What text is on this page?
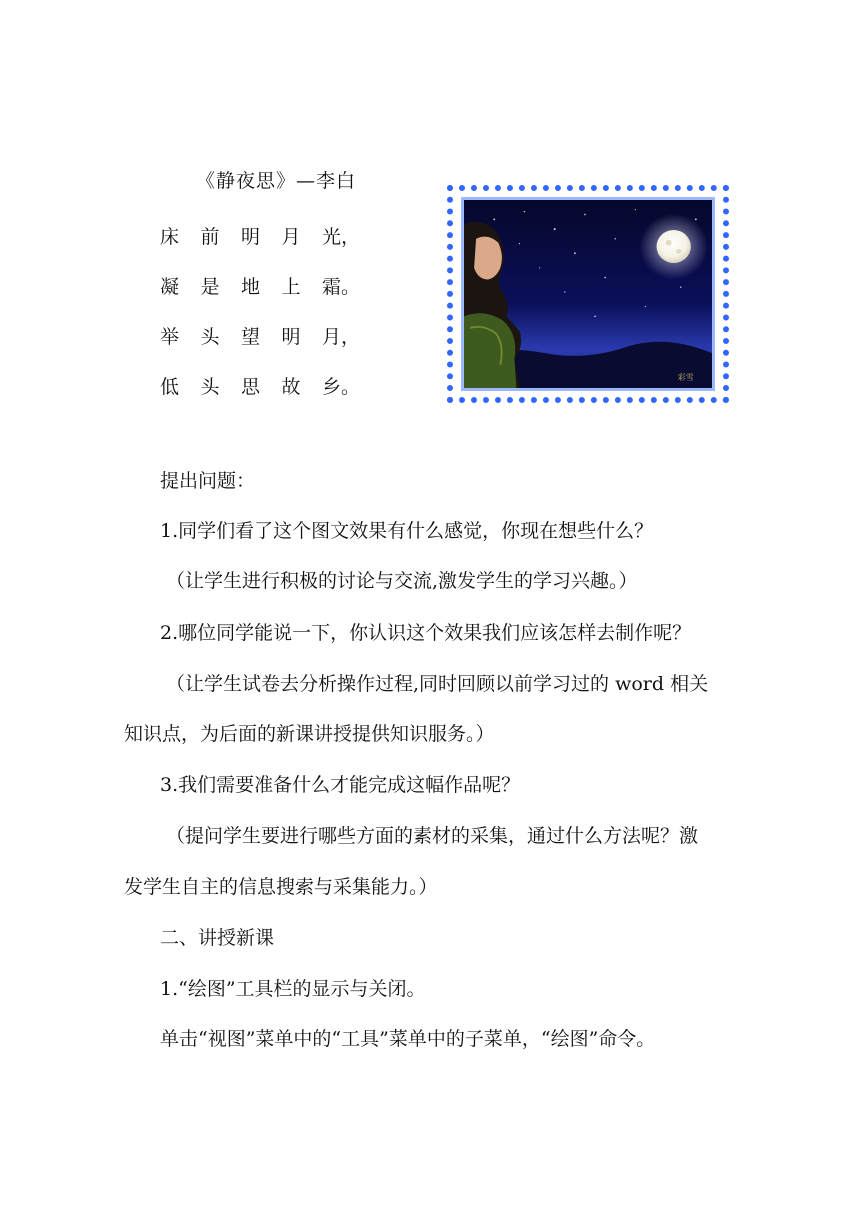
《静夜思》—李白
床	前	明	月	光，
凝	是	地	上	霜。
举	头	望	明	月，
低	头	思	故	乡。	彩雪
提出问题：
1.同学们看了这个图文效果有什么感觉，你现在想些什么？
（让学生进行积极的讨论与交流,激发学生的学习兴趣。）
2.哪位同学能说一下，你认识这个效果我们应该怎样去制作呢？
（让学生试卷去分析操作过程,同时回顾以前学习过的 word 相关
知识点，为后面的新课讲授提供知识服务。）
3.我们需要准备什么才能完成这幅作品呢？
（提问学生要进行哪些方面的素材的采集，通过什么方法呢？激
发学生自主的信息搜索与采集能力。）
二、讲授新课
1.“绘图”工具栏的显示与关闭。
单击“视图”菜单中的“工具”菜单中的子菜单，“绘图”命令。
